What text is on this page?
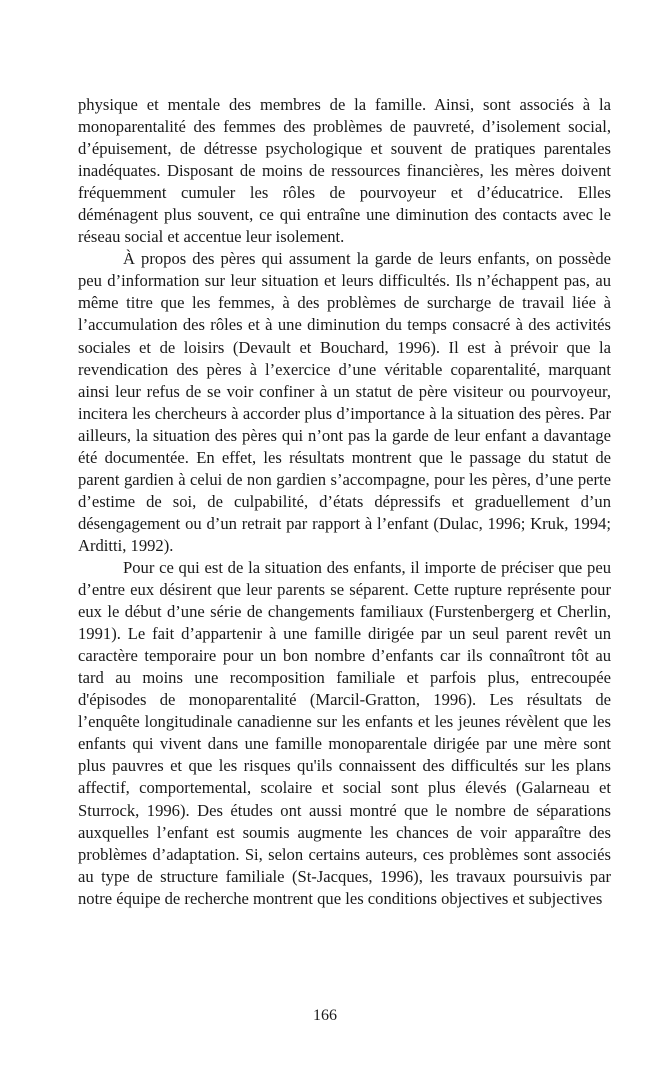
physique et mentale des membres de la famille. Ainsi, sont associés à la monoparentalité des femmes des problèmes de pauvreté, d’isolement social, d’épuisement, de détresse psychologique et souvent de pratiques parentales inadéquates. Disposant de moins de ressources financières, les mères doivent fréquemment cumuler les rôles de pourvoyeur et d’éducatrice. Elles déménagent plus souvent, ce qui entraîne une diminution des contacts avec le réseau social et accentue leur isolement.

À propos des pères qui assument la garde de leurs enfants, on possède peu d’information sur leur situation et leurs difficultés. Ils n’échappent pas, au même titre que les femmes, à des problèmes de surcharge de travail liée à l’accumulation des rôles et à une diminution du temps consacré à des activités sociales et de loisirs (Devault et Bouchard, 1996). Il est à prévoir que la revendication des pères à l’exercice d’une véritable coparentalité, marquant ainsi leur refus de se voir confiner à un statut de père visiteur ou pourvoyeur, incitera les chercheurs à accorder plus d’importance à la situation des pères. Par ailleurs, la situation des pères qui n’ont pas la garde de leur enfant a davantage été documentée. En effet, les résultats montrent que le passage du statut de parent gardien à celui de non gardien s’accompagne, pour les pères, d’une perte d’estime de soi, de culpabilité, d’états dépressifs et graduellement d’un désengagement ou d’un retrait par rapport à l’enfant (Dulac, 1996; Kruk, 1994; Arditti, 1992).

Pour ce qui est de la situation des enfants, il importe de préciser que peu d’entre eux désirent que leur parents se séparent. Cette rupture représente pour eux le début d’une série de changements familiaux (Furstenbergerg et Cherlin, 1991). Le fait d’appartenir à une famille dirigée par un seul parent revêt un caractère temporaire pour un bon nombre d’enfants car ils connaîtront tôt au tard au moins une recomposition familiale et parfois plus, entrecoupée d'épisodes de monoparentalité (Marcil-Gratton, 1996). Les résultats de l’enquête longitudinale canadienne sur les enfants et les jeunes révèlent que les enfants qui vivent dans une famille monoparentale dirigée par une mère sont plus pauvres et que les risques qu'ils connaissent des difficultés sur les plans affectif, comportemental, scolaire et social sont plus élevés (Galarneau et Sturrock, 1996). Des études ont aussi montré que le nombre de séparations auxquelles l’enfant est soumis augmente les chances de voir apparaître des problèmes d’adaptation. Si, selon certains auteurs, ces problèmes sont associés au type de structure familiale (St-Jacques, 1996), les travaux poursuivis par notre équipe de recherche montrent que les conditions objectives et subjectives

166
